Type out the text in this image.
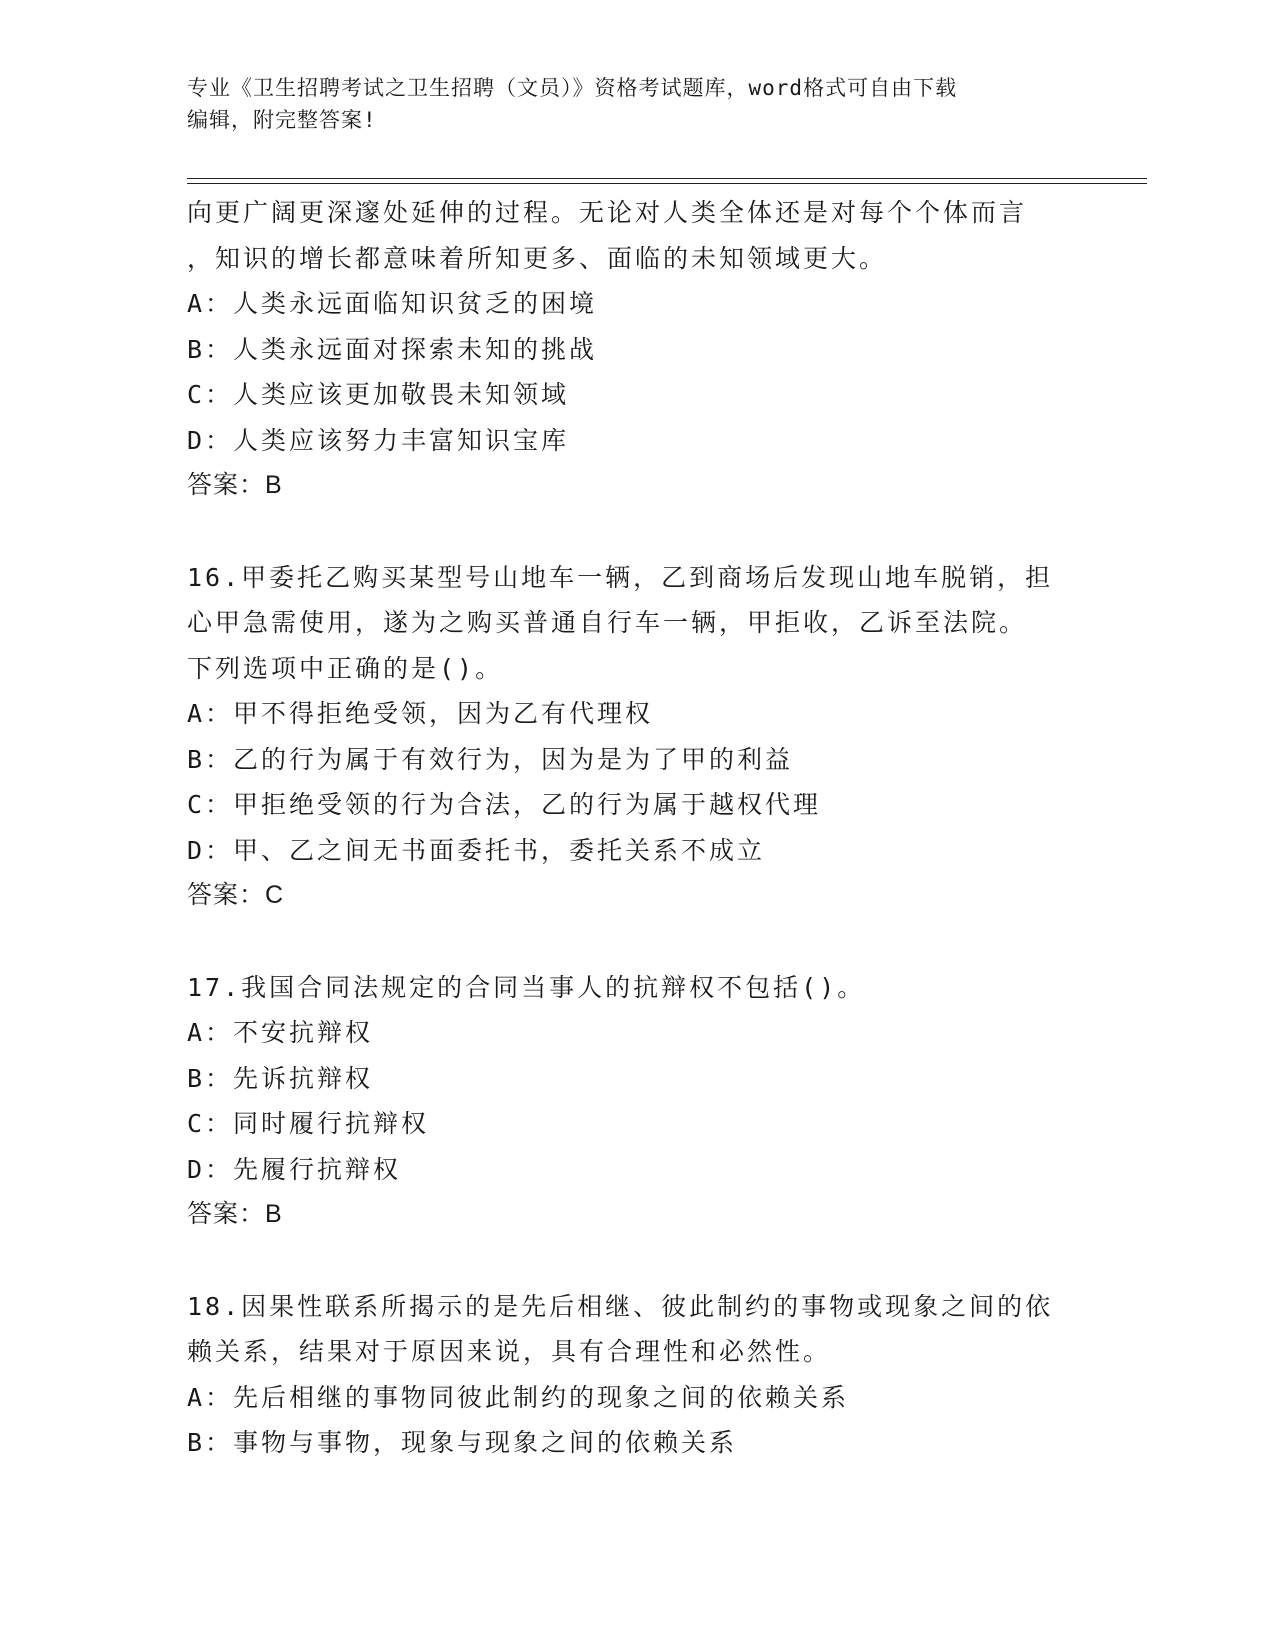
专业《卫生招聘考试之卫生招聘（文员）》资格考试题库，word格式可自由下载
编辑，附完整答案!
向更广阔更深邃处延伸的过程。无论对人类全体还是对每个个体而言
，知识的增长都意味着所知更多、面临的未知领域更大。
A：人类永远面临知识贫乏的困境
B：人类永远面对探索未知的挑战
C：人类应该更加敬畏未知领域
D：人类应该努力丰富知识宝库
答案：B
16.甲委托乙购买某型号山地车一辆，乙到商场后发现山地车脱销，担
心甲急需使用，遂为之购买普通自行车一辆，甲拒收，乙诉至法院。
下列选项中正确的是()。
A：甲不得拒绝受领，因为乙有代理权
B：乙的行为属于有效行为，因为是为了甲的利益
C：甲拒绝受领的行为合法，乙的行为属于越权代理
D：甲、乙之间无书面委托书，委托关系不成立
答案：C
17.我国合同法规定的合同当事人的抗辩权不包括()。
A：不安抗辩权
B：先诉抗辩权
C：同时履行抗辩权
D：先履行抗辩权
答案：B
18.因果性联系所揭示的是先后相继、彼此制约的事物或现象之间的依
赖关系，结果对于原因来说，具有合理性和必然性。
A：先后相继的事物同彼此制约的现象之间的依赖关系
B：事物与事物，现象与现象之间的依赖关系
